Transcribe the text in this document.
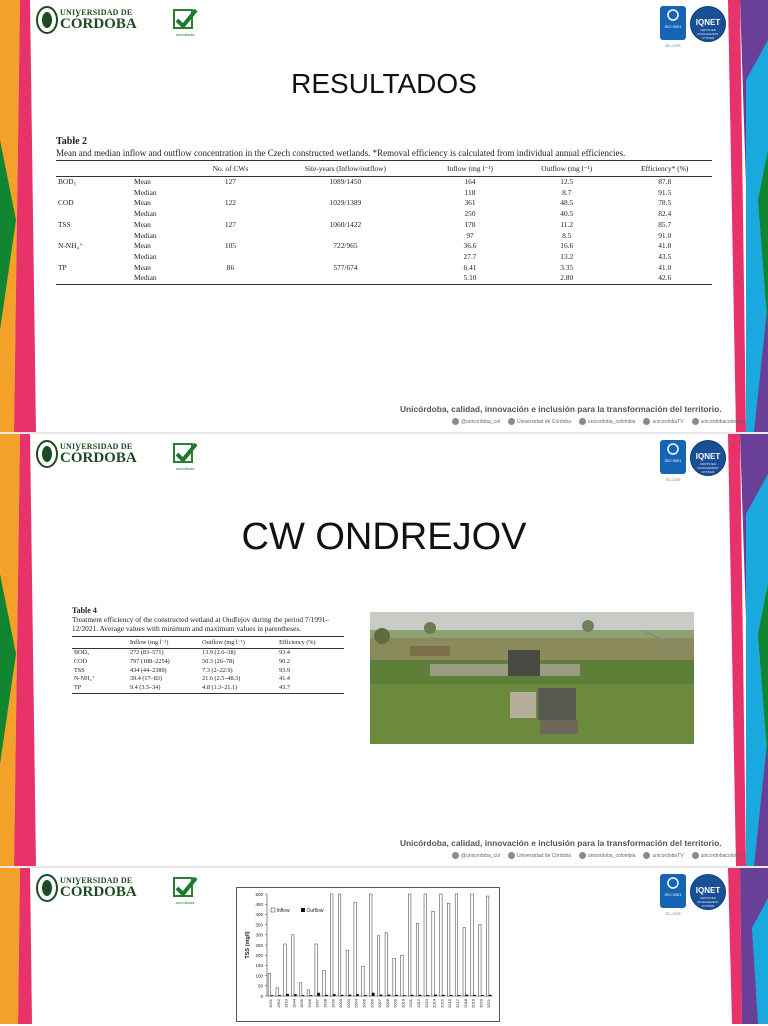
UNIVERSIDAD DE
CÓRDOBA
acreditada
ISO 9001
SC-CER
IQNET
CERTIFIED MANAGEMENT SYSTEM
RESULTADOS
Table 2
Mean and median inflow and outflow concentration in the Czech constructed wetlands. *Removal efficiency is calculated from individual annual efficiencies.
		No. of CWs	Site-years (Inflow/outflow)	Inflow (mg l⁻¹)	Outflow (mg l⁻¹)	Efficiency* (%)
BOD₅	Mean	127	1089/1450	164	12.5	87.8
	Median			118	8.7	91.5
COD	Mean	122	1029/1389	361	48.5	78.5
	Median			250	40.5	82.4
TSS	Mean	127	1060/1422	178	11.2	85.7
	Median			97	8.5	91.0
N-NH₄⁺	Mean	105	722/965	36.6	16.6	41.8
	Median			27.7	13.2	43.5
TP	Mean	86	577/674	6.41	3.35	41.0
	Median			5.10	2.80	42.6
Unicórdoba, calidad, innovación e inclusión para la transformación del territorio.
@unicordoba_col	Universidad de Córdoba	unicordoba_colombia	unicordobaTV	unicordobacolombia
UNIVERSIDAD DE
CÓRDOBA
acreditada
ISO 9001
SC-CER
IQNET
CERTIFIED MANAGEMENT SYSTEM
CW ONDREJOV
Unicórdoba, calidad, innovación e inclusión para la transformación del territorio.
@unicordoba_col	Universidad de Córdoba	unicordoba_colombia	unicordobaTV	unicordobacolombia
Table 4
Treatment efficiency of the constructed wetland at Ondřejov during the period 7/1991–12/2021. Average values with minimum and maximum values in parentheses.
	Inflow (mg l⁻¹)	Outflow (mg l⁻¹)	Efficiency (%)
BOD₅	272 (83–571)	13.9 (2.6–38)	93.4
COD	797 (188–2254)	50.3 (26–78)	90.2
TSS	434 (44–2389)	7.3 (2–22.9)	93.9
N-NH₄⁺	39.4 (17–83)	21.6 (2.5–48.3)	41.4
TP	9.4 (3.5–34)	4.8 (1.3–21.1)	43.7
UNIVERSIDAD DE
CÓRDOBA
acreditada
ISO 9001
SC-CER
IQNET
CERTIFIED MANAGEMENT SYSTEM
0
50
100
150
200
250
300
350
400
450
500
TSS (mg/l)
1991 1992 1993 1994 1995 1996 1997 1998 1999 2000 2003 2004 2005 2006 2007 2008 2009 2010 2011 2012 2013 2014 2015 2016 2017 2018 2019 2020 2021
Inflow	Outflow
